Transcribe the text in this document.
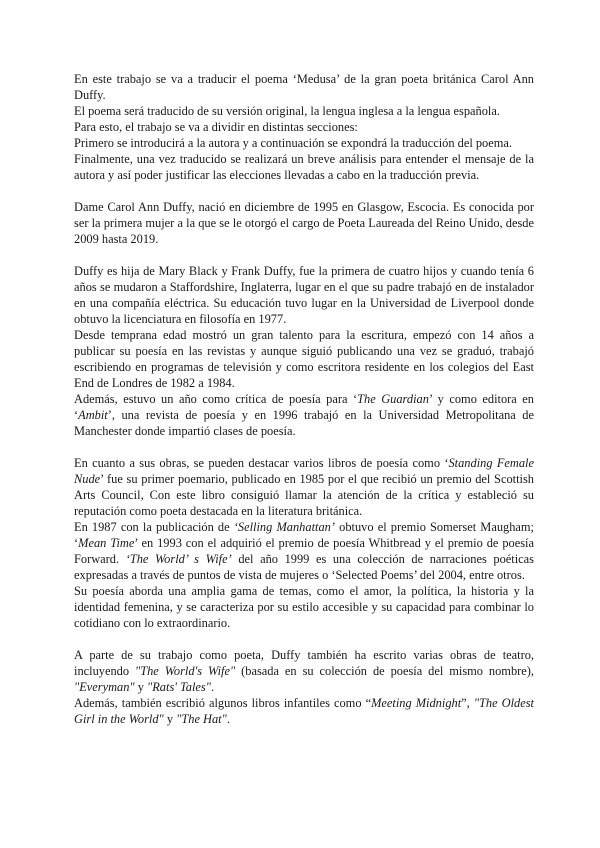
En este trabajo se va a traducir el poema ‘Medusa’ de la gran poeta británica Carol Ann Duffy.

El poema será traducido de su versión original, la lengua inglesa a la lengua española.

Para esto, el trabajo se va a dividir en distintas secciones:

Primero se introducirá a la autora y a continuación se expondrá la traducción del poema.

Finalmente, una vez traducido se realizará un breve análisis para entender el mensaje de la autora y así poder justificar las elecciones llevadas a cabo en la traducción previa.

Dame Carol Ann Duffy, nació en diciembre de 1995 en Glasgow, Escocia. Es conocida por ser la primera mujer a la que se le otorgó el cargo de Poeta Laureada del Reino Unido, desde 2009 hasta 2019.

Duffy es hija de Mary Black y Frank Duffy, fue la primera de cuatro hijos y cuando tenía 6 años se mudaron a Staffordshire, Inglaterra, lugar en el que su padre trabajó en de instalador en una compañía eléctrica. Su educación tuvo lugar en la Universidad de Liverpool donde obtuvo la licenciatura en filosofía en 1977.

Desde temprana edad mostró un gran talento para la escritura, empezó con 14 años a publicar su poesía en las revistas y aunque siguió publicando una vez se graduó, trabajó escribiendo en programas de televisión y como escritora residente en los colegios del East End de Londres de 1982 a 1984.

Además, estuvo un año como crítica de poesía para ‘The Guardian’ y como editora en ‘Ambit’, una revista de poesía y en 1996 trabajó en la Universidad Metropolitana de Manchester donde impartió clases de poesía.

En cuanto a sus obras, se pueden destacar varios libros de poesía como ‘Standing Female Nude’ fue su primer poemario, publicado en 1985 por el que recibió un premio del Scottish Arts Council, Con este libro consiguió llamar la atención de la crítica y estableció su reputación como poeta destacada en la literatura británica.

En 1987 con la publicación de ‘Selling Manhattan’ obtuvo el premio Somerset Maugham; ‘Mean Time’ en 1993 con el adquirió el premio de poesía Whitbread y el premio de poesía Forward. ‘The World’ s Wife’ del año 1999 es una colección de narraciones poéticas expresadas a través de puntos de vista de mujeres o ‘Selected Poems’ del 2004, entre otros.

Su poesía aborda una amplia gama de temas, como el amor, la política, la historia y la identidad femenina, y se caracteriza por su estilo accesible y su capacidad para combinar lo cotidiano con lo extraordinario.

A parte de su trabajo como poeta, Duffy también ha escrito varias obras de teatro, incluyendo "The World's Wife" (basada en su colección de poesía del mismo nombre), "Everyman" y "Rats' Tales".

Además, también escribió algunos libros infantiles como “Meeting Midnight”, "The Oldest Girl in the World" y "The Hat".
